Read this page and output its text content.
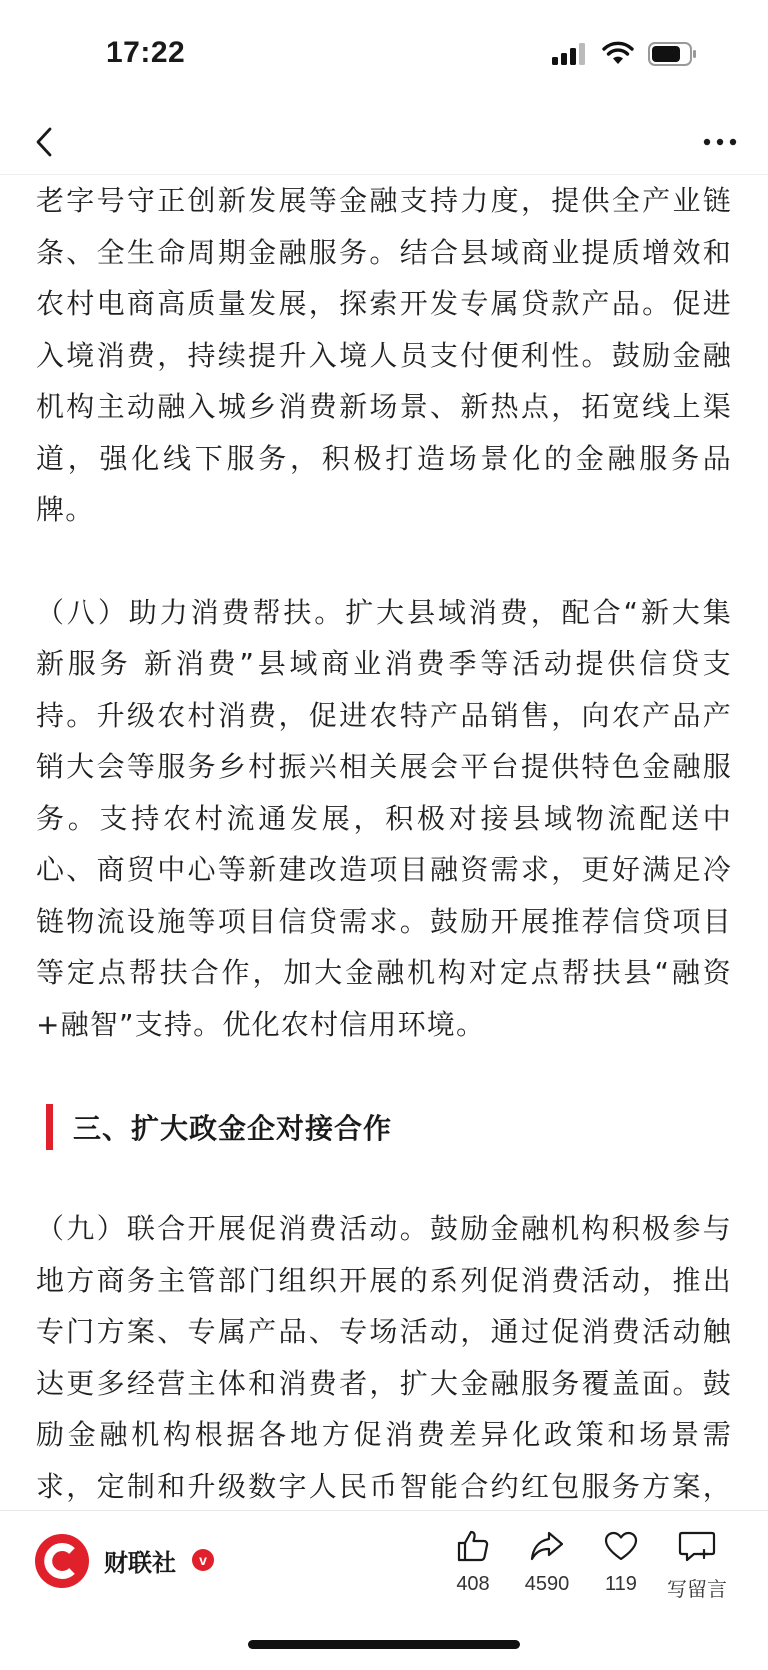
17:22

老字号守正创新发展等金融支持力度，提供全产业链条、全生命周期金融服务。结合县域商业提质增效和农村电商高质量发展，探索开发专属贷款产品。促进入境消费，持续提升入境人员支付便利性。鼓励金融机构主动融入城乡消费新场景、新热点，拓宽线上渠道，强化线下服务，积极打造场景化的金融服务品牌。

（八）助力消费帮扶。扩大县域消费，配合“新大集 新服务 新消费”县域商业消费季等活动提供信贷支持。升级农村消费，促进农特产品销售，向农产品产销大会等服务乡村振兴相关展会平台提供特色金融服务。支持农村流通发展，积极对接县域物流配送中心、商贸中心等新建改造项目融资需求，更好满足冷链物流设施等项目信贷需求。鼓励开展推荐信贷项目等定点帮扶合作，加大金融机构对定点帮扶县“融资+融智”支持。优化农村信用环境。

三、扩大政金企对接合作

（九）联合开展促消费活动。鼓励金融机构积极参与地方商务主管部门组织开展的系列促消费活动，推出专门方案、专属产品、专场活动，通过促消费活动触达更多经营主体和消费者，扩大金融服务覆盖面。鼓励金融机构根据各地方促消费差异化政策和场景需求，定制和升级数字人民币智能合约红包服务方案，

财联社	v
408	4590	119	写留言
